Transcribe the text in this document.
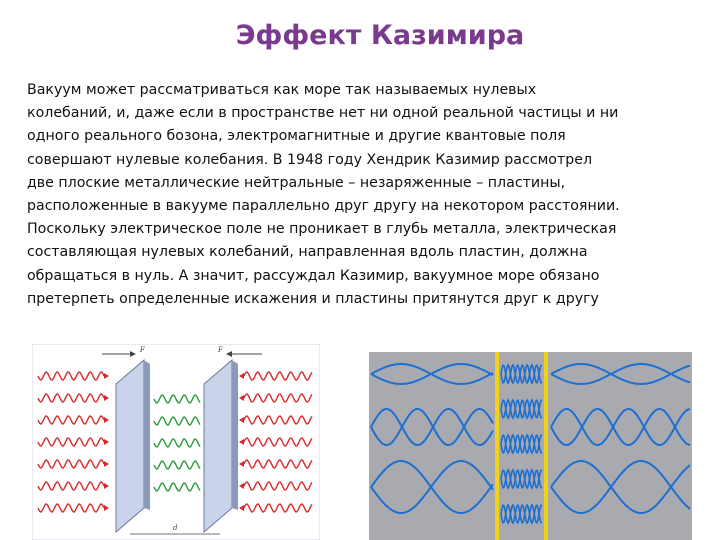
Эффект Казимира
Вакуум может рассматриваться как море так называемых нулевых
колебаний, и, даже если в пространстве нет ни одной реальной частицы и ни
одного реального бозона, электромагнитные и другие квантовые поля
совершают нулевые колебания. В 1948 году Хендрик Казимир рассмотрел
две плоские металлические нейтральные – незаряженные – пластины,
расположенные в вакууме параллельно друг другу на некотором расстоянии.
Поскольку электрическое поле не проникает в глубь металла, электрическая
составляющая нулевых колебаний, направленная вдоль пластин, должна
обращаться в нуль. А значит, рассуждал Казимир, вакуумное море обязано
претерпеть определенные искажения и пластины притянутся друг к другу
F	F
d
